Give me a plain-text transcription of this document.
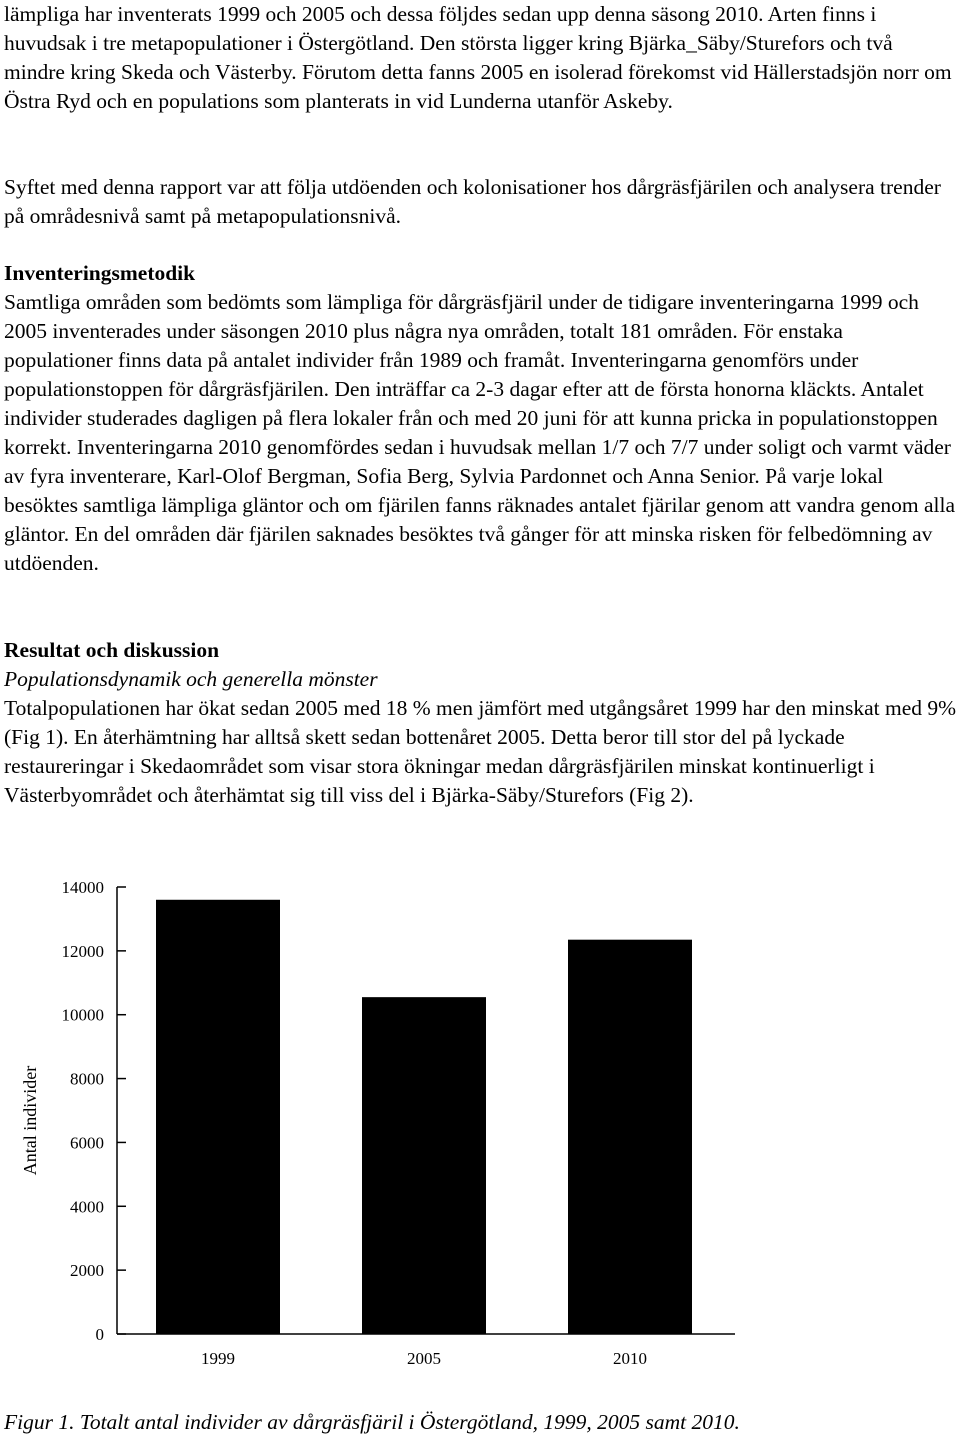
lämpliga har inventerats 1999 och 2005 och dessa följdes sedan upp denna säsong 2010. Arten finns i huvudsak i tre metapopulationer i Östergötland. Den största ligger kring Bjärka_Säby/Sturefors och två mindre kring Skeda och Västerby. Förutom detta fanns 2005 en isolerad förekomst vid Hällerstadsjön norr om Östra Ryd och en populations som planterats in vid Lunderna utanför Askeby.

Syftet med denna rapport var att följa utdöenden och kolonisationer hos dårgräsfjärilen och analysera trender på områdesnivå samt på metapopulationsnivå.

Inventeringsmetodik

Samtliga områden som bedömts som lämpliga för dårgräsfjäril under de tidigare inventeringarna 1999 och 2005 inventerades under säsongen 2010 plus några nya områden, totalt 181 områden. För enstaka populationer finns data på antalet individer från 1989 och framåt. Inventeringarna genomförs under populationstoppen för dårgräsfjärilen. Den inträffar ca 2-3 dagar efter att de första honorna kläckts. Antalet individer studerades dagligen på flera lokaler från och med 20 juni för att kunna pricka in populationstoppen korrekt. Inventeringarna 2010 genomfördes sedan i huvudsak mellan 1/7 och 7/7 under soligt och varmt väder av fyra inventerare, Karl-Olof Bergman, Sofia Berg, Sylvia Pardonnet och Anna Senior. På varje lokal besöktes samtliga lämpliga gläntor och om fjärilen fanns räknades antalet fjärilar genom att vandra genom alla gläntor. En del områden där fjärilen saknades besöktes två gånger för att minska risken för felbedömning av utdöenden.

Resultat och diskussion

Populationsdynamik och generella mönster

Totalpopulationen har ökat sedan 2005 med 18 % men jämfört med utgångsåret 1999 har den minskat med 9% (Fig 1). En återhämtning har alltså skett sedan bottenåret 2005. Detta beror till stor del på lyckade restaureringar i Skedaområdet som visar stora ökningar medan dårgräsfjärilen minskat kontinuerligt i Västerbyområdet och återhämtat sig till viss del i Bjärka-Säby/Sturefors (Fig 2).

0
2000
4000
6000
8000
10000
12000
14000
1999	2005	2010
Antal individer

Figur 1. Totalt antal individer av dårgräsfjäril i Östergötland, 1999, 2005 samt 2010.
